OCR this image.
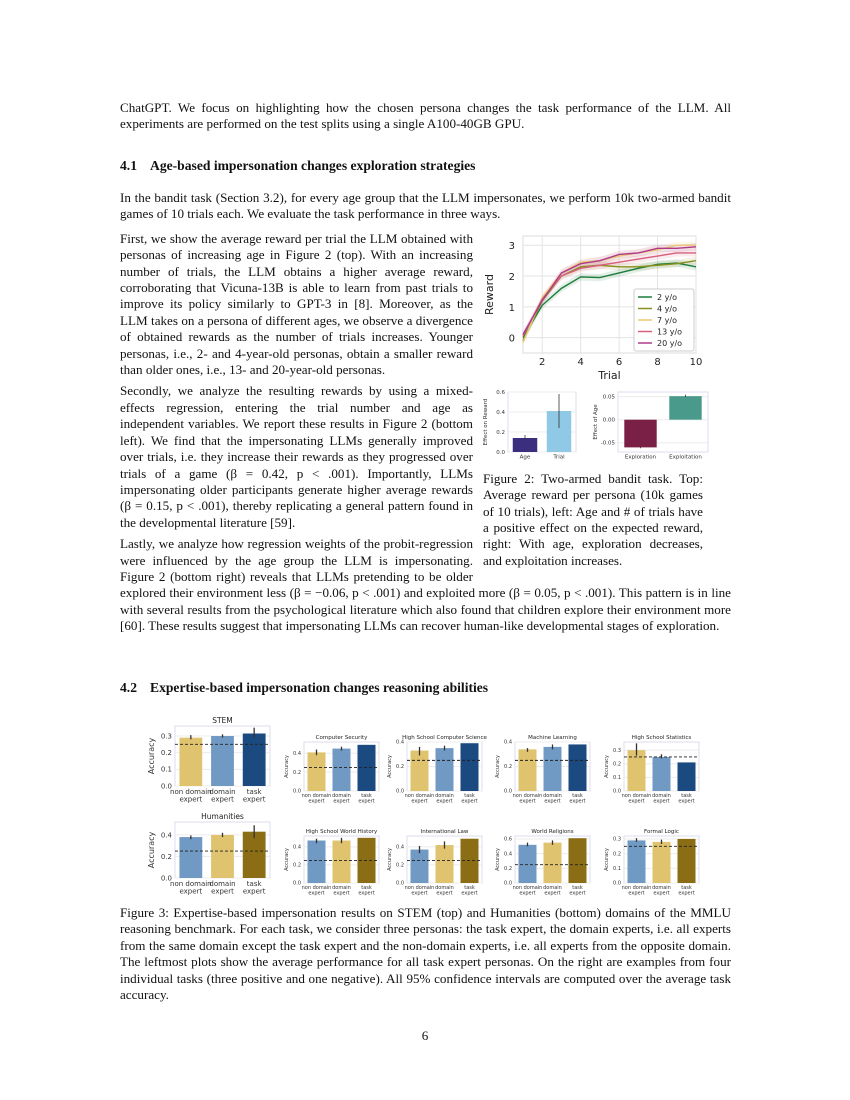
ChatGPT. We focus on highlighting how the chosen persona changes the task performance of the LLM. All experiments are performed on the test splits using a single A100-40GB GPU.

4.1 Age-based impersonation changes exploration strategies

In the bandit task (Section 3.2), for every age group that the LLM impersonates, we perform 10k two-armed bandit games of 10 trials each. We evaluate the task performance in three ways.

2	4	6	8	10
0
1
2
3
Trial
Reward	2 y/o
4 y/o
7 y/o
13 y/o
20 y/o
0.0
0.2
0.4
0.6
Effect on Reward
Age	Trial
-0.05
0.00
0.05
Effect of Age
Exploration Exploitation
Figure 2: Two-armed bandit task. Top: Average reward per persona (10k games of 10 trials), left: Age and # of trials have a positive effect on the expected reward, right: With age, exploration decreases, and exploitation increases.

First, we show the average reward per trial the LLM obtained with personas of increasing age in Figure 2 (top). With an increasing number of trials, the LLM obtains a higher average reward, corroborating that Vicuna-13B is able to learn from past trials to improve its policy similarly to GPT-3 in [8]. Moreover, as the LLM takes on a persona of different ages, we observe a divergence of obtained rewards as the number of trials increases. Younger personas, i.e., 2- and 4-year-old personas, obtain a smaller reward than older ones, i.e., 13- and 20-year-old personas.

Secondly, we analyze the resulting rewards by using a mixed-effects regression, entering the trial number and age as independent variables. We report these results in Figure 2 (bottom left). We find that the impersonating LLMs generally improved over trials, i.e. they increase their rewards as they progressed over trials of a game (β = 0.42, p < .001). Importantly, LLMs impersonating older participants generate higher average rewards (β = 0.15, p < .001), thereby replicating a general pattern found in the developmental literature [59].

Lastly, we analyze how regression weights of the probit-regression were influenced by the age group the LLM is impersonating. Figure 2 (bottom right) reveals that LLMs pretending to be older explored their environment less (β = −0.06, p < .001) and exploited more (β = 0.05, p < .001). This pattern is in line with several results from the psychological literature which also found that children explore their environment more [60]. These results suggest that impersonating LLMs can recover human-like developmental stages of exploration.

4.2 Expertise-based impersonation changes reasoning abilities
0.0
0.1
0.2
0.3
STEM
Accuracy
non domain
expert
domain
expert
task
expert
0.0
0.2
0.4
Computer Security
Accuracy
non domain
expert
domain
expert
task
expert
0.0
0.2
0.4
High School Computer Science
Accuracy
non domain
expert
domain
expert
task
expert
0.0
0.2
0.4
Machine Learning
Accuracy
non domain
expert
domain
expert
task
expert
0.0
0.1
0.2
0.3
High School Statistics
Accuracy
non domain
expert
domain
expert
task
expert
0.0
0.2
0.4
Humanities
Accuracy
non domain
expert
domain
expert
task
expert
0.0
0.2
0.4
High School World History
Accuracy
non domain
expert
domain
expert
task
expert
0.0
0.2
0.4
International Law
Accuracy
non domain
expert
domain
expert
task
expert
0.0
0.2
0.4
0.6
World Religions
Accuracy
non domain
expert
domain
expert
task
expert
0.0
0.1
0.2
0.3
Formal Logic
Accuracy
non domain
expert
domain
expert
task
expert

Figure 3: Expertise-based impersonation results on STEM (top) and Humanities (bottom) domains of the MMLU reasoning benchmark. For each task, we consider three personas: the task expert, the domain experts, i.e. all experts from the same domain except the task expert and the non-domain experts, i.e. all experts from the opposite domain. The leftmost plots show the average performance for all task expert personas. On the right are examples from four individual tasks (three positive and one negative). All 95% confidence intervals are computed over the average task accuracy.

6
